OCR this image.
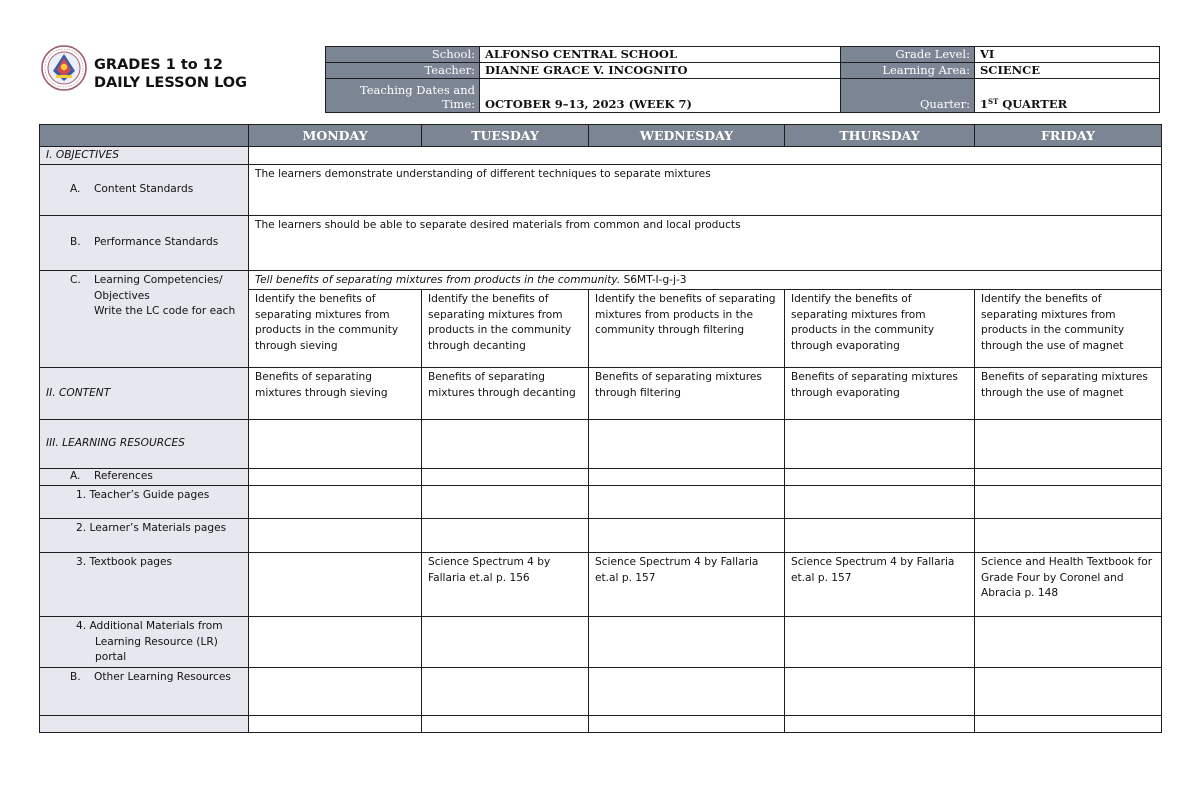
GRADES 1 to 12
DAILY LESSON LOG
School:	ALFONSO CENTRAL SCHOOL	Grade Level:	VI
Teacher:	DIANNE GRACE V. INCOGNITO	Learning Area:	SCIENCE

Teaching Dates and
Time:	OCTOBER 9–13, 2023 (WEEK 7)	Quarter:	1ST QUARTER
	MONDAY	TUESDAY	WEDNESDAY	THURSDAY	FRIDAY
I. OBJECTIVES					

A. Content Standards	The learners demonstrate understanding of different techniques to separate mixtures				

B. Performance Standards	The learners should be able to separate desired materials from common and local products				

C. Learning Competencies/
Objectives
Write the LC code for each	Tell benefits of separating mixtures from products in the community. S6MT-I-g-j-3				
	Identify the benefits of separating mixtures from products in the community through sieving	Identify the benefits of separating mixtures from products in the community through decanting	Identify the benefits of separating mixtures from products in the community through filtering	Identify the benefits of separating mixtures from products in the community through evaporating	Identify the benefits of separating mixtures from products in the community through the use of magnet
II. CONTENT	Benefits of separating mixtures through sieving	Benefits of separating mixtures through decanting	Benefits of separating mixtures through filtering	Benefits of separating mixtures through evaporating	Benefits of separating mixtures through the use of magnet
III. LEARNING RESOURCES					

A. References					

1. Teacher’s Guide pages					
2. Learner’s Materials pages					
3. Textbook pages		Science Spectrum 4 by Fallaria et.al p. 156	Science Spectrum 4 by Fallaria et.al p. 157	Science Spectrum 4 by Fallaria et.al p. 157	Science and Health Textbook for Grade Four by Coronel and Abracia p. 148

4. Additional Materials from
Learning Resource (LR)
portal					

B. Other Learning Resources					
